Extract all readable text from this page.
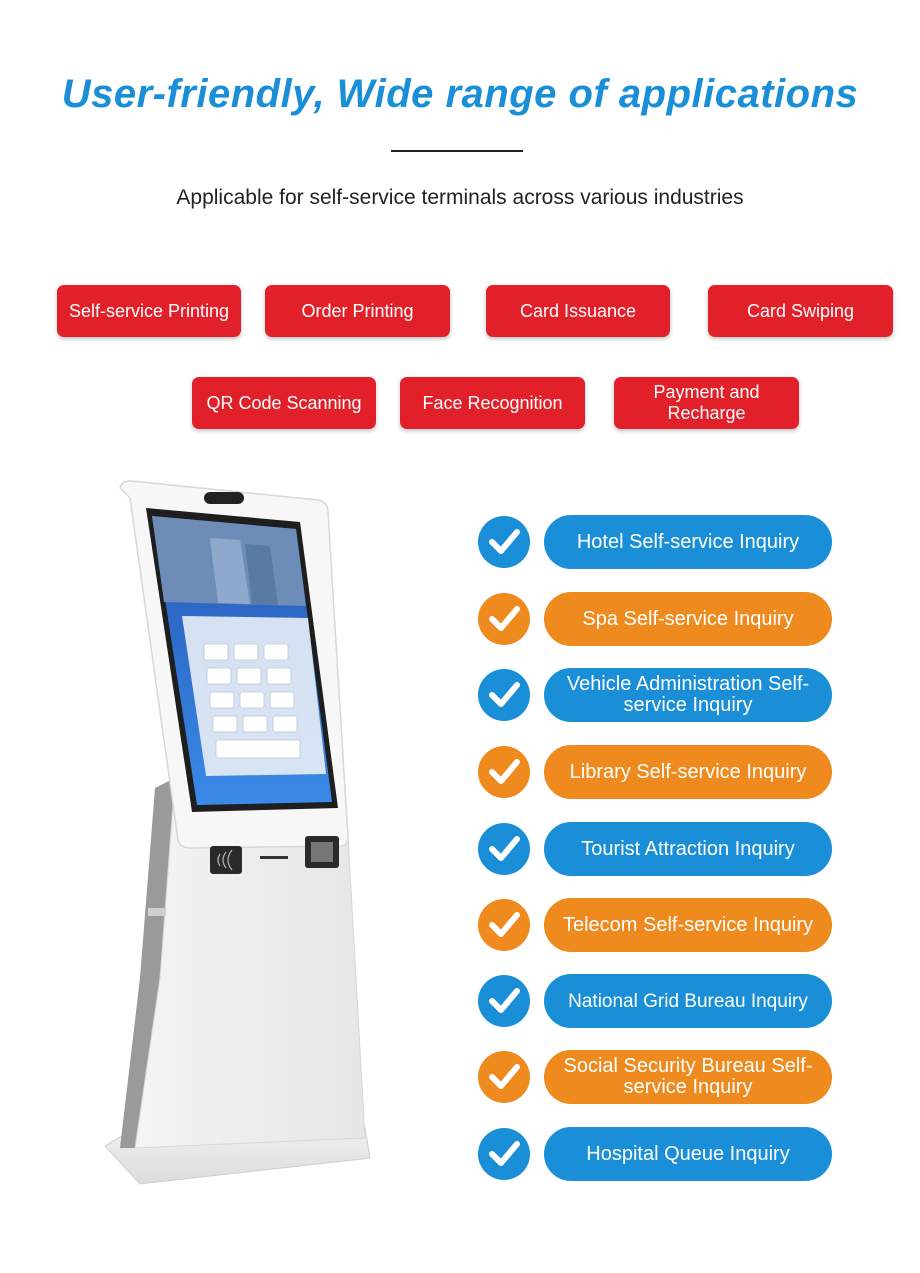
User-friendly, Wide range of applications
Applicable for self-service terminals across various industries
Self-service Printing	Order Printing	Card Issuance	Card Swiping
QR Code Scanning	Face Recognition
Payment and Recharge
Hotel Self-service Inquiry
Spa Self-service Inquiry
Vehicle Administration Self-service Inquiry
Library Self-service Inquiry
Tourist Attraction Inquiry
Telecom Self-service Inquiry
National Grid Bureau Inquiry
Social Security Bureau Self-service Inquiry
Hospital Queue Inquiry
